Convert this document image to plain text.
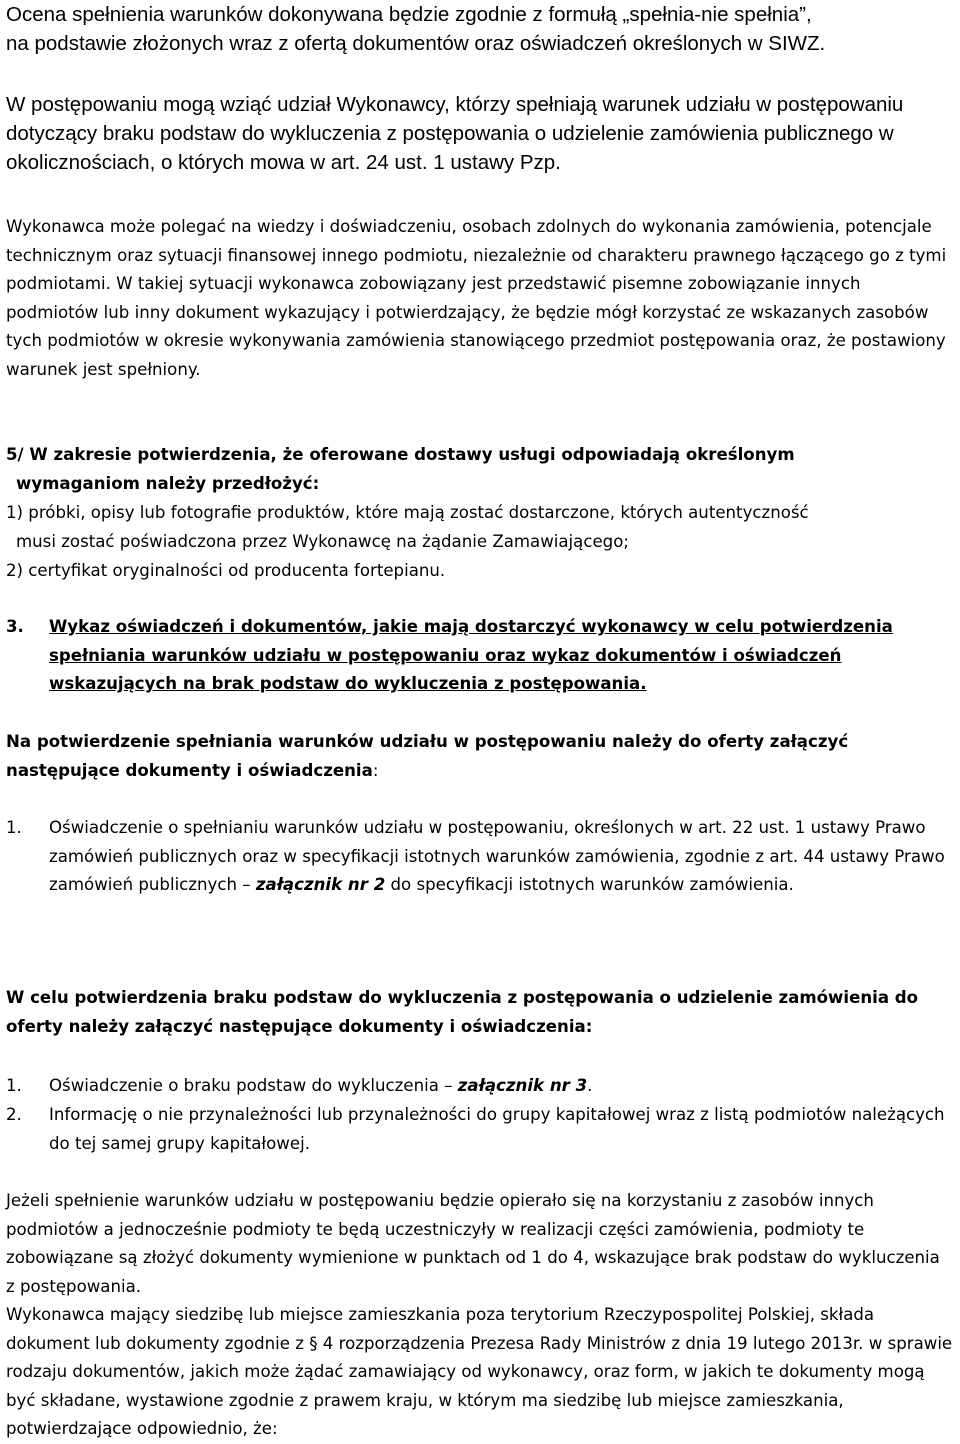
Ocena spełnienia warunków dokonywana będzie zgodnie z formułą „spełnia-nie spełnia”,
na podstawie złożonych wraz z ofertą dokumentów oraz oświadczeń określonych w SIWZ.

W postępowaniu mogą wziąć udział Wykonawcy, którzy spełniają warunek udziału w postępowaniu dotyczący braku podstaw do wykluczenia z postępowania o udzielenie zamówienia publicznego w okolicznościach, o których mowa w art. 24 ust. 1 ustawy Pzp.

Wykonawca może polegać na wiedzy i doświadczeniu, osobach zdolnych do wykonania zamówienia, potencjale technicznym oraz sytuacji finansowej innego podmiotu, niezależnie od charakteru prawnego łączącego go z tymi podmiotami. W takiej sytuacji wykonawca zobowiązany jest przedstawić pisemne zobowiązanie innych podmiotów lub inny dokument wykazujący i potwierdzający, że będzie mógł korzystać ze wskazanych zasobów tych podmiotów w okresie wykonywania zamówienia stanowiącego przedmiot postępowania oraz, że postawiony warunek jest spełniony.

5/ W zakresie potwierdzenia, że oferowane dostawy usługi odpowiadają określonym
wymaganiom należy przedłożyć:
1) próbki, opisy lub fotografie produktów, które mają zostać dostarczone, których autentyczność
musi zostać poświadczona przez Wykonawcę na żądanie Zamawiającego;
2) certyfikat oryginalności od producenta fortepianu.
3. Wykaz oświadczeń i dokumentów, jakie mają dostarczyć wykonawcy w celu potwierdzenia spełniania warunków udziału w postępowaniu oraz wykaz dokumentów i oświadczeń wskazujących na brak podstaw do wykluczenia z postępowania.

Na potwierdzenie spełniania warunków udziału w postępowaniu należy do oferty załączyć następujące dokumenty i oświadczenia:

1. Oświadczenie o spełnianiu warunków udziału w postępowaniu, określonych w art. 22 ust. 1 ustawy Prawo zamówień publicznych oraz w specyfikacji istotnych warunków zamówienia, zgodnie z art. 44 ustawy Prawo zamówień publicznych – załącznik nr 2 do specyfikacji istotnych warunków zamówienia.

W celu potwierdzenia braku podstaw do wykluczenia z postępowania o udzielenie zamówienia do oferty należy załączyć następujące dokumenty i oświadczenia:

1. Oświadczenie o braku podstaw do wykluczenia – załącznik nr 3.
2. Informację o nie przynależności lub przynależności do grupy kapitałowej wraz z listą podmiotów należących do tej samej grupy kapitałowej.

Jeżeli spełnienie warunków udziału w postępowaniu będzie opierało się na korzystaniu z zasobów innych podmiotów a jednocześnie podmioty te będą uczestniczyły w realizacji części zamówienia, podmioty te zobowiązane są złożyć dokumenty wymienione w punktach od 1 do 4, wskazujące brak podstaw do wykluczenia z postępowania.

Wykonawca mający siedzibę lub miejsce zamieszkania poza terytorium Rzeczypospolitej Polskiej, składa dokument lub dokumenty zgodnie z § 4 rozporządzenia Prezesa Rady Ministrów z dnia 19 lutego 2013r. w sprawie rodzaju dokumentów, jakich może żądać zamawiający od wykonawcy, oraz form, w jakich te dokumenty mogą być składane, wystawione zgodnie z prawem kraju, w którym ma siedzibę lub miejsce zamieszkania, potwierdzające odpowiednio, że:
